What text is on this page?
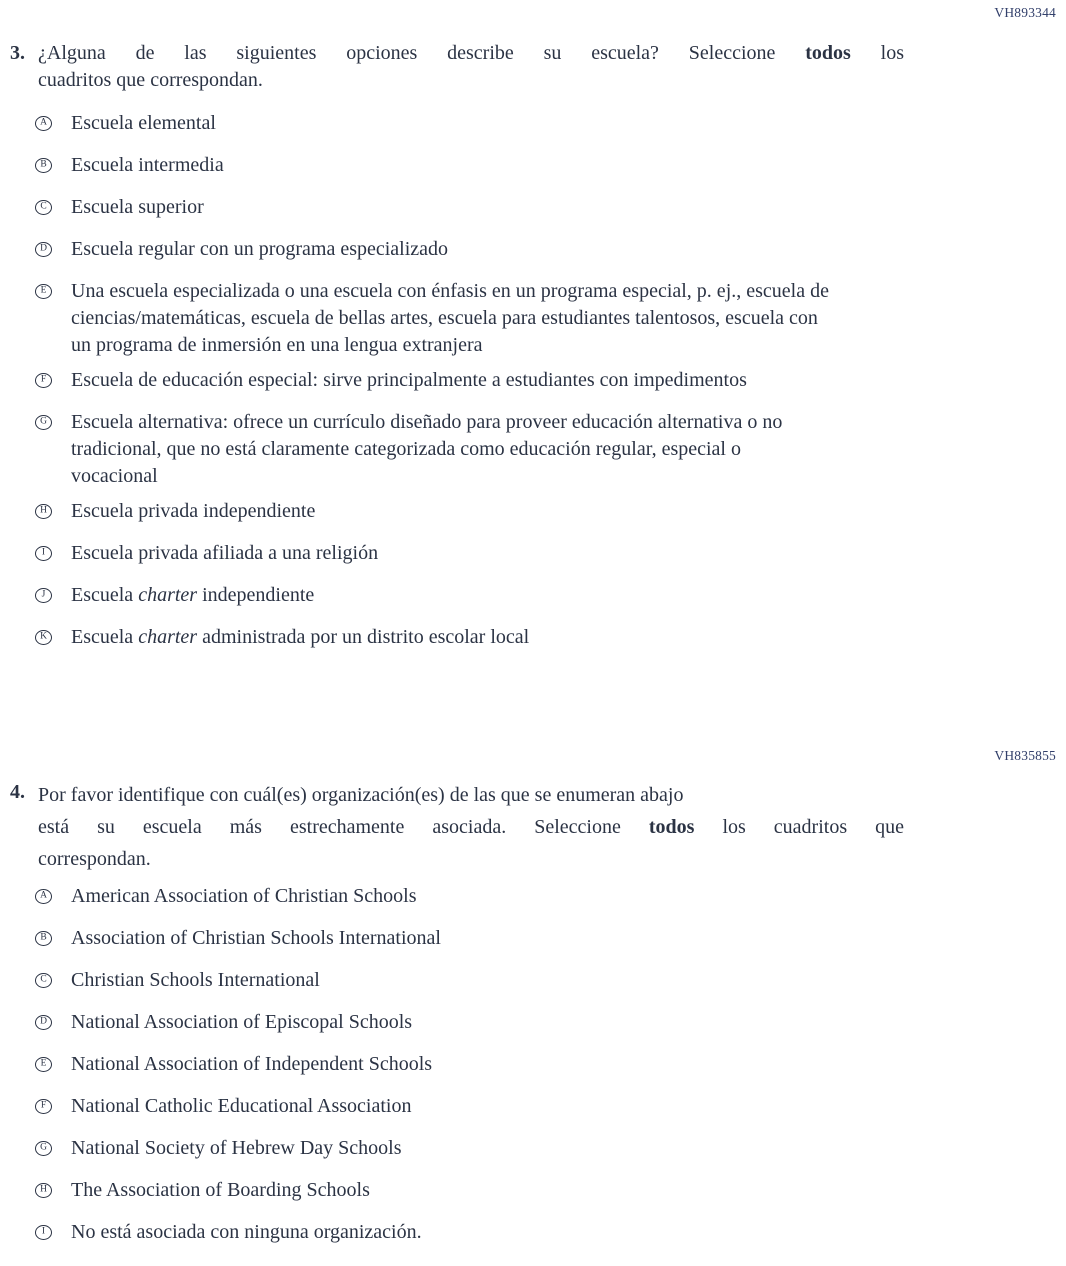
VH893344
3. ¿Alguna de las siguientes opciones describe su escuela? Seleccione todos los
cuadritos que correspondan.
A Escuela elemental
B Escuela intermedia
C Escuela superior
D Escuela regular con un programa especializado
E Una escuela especializada o una escuela con énfasis en un programa especial, p. ej., escuela de
ciencias/matemáticas, escuela de bellas artes, escuela para estudiantes talentosos, escuela con
un programa de inmersión en una lengua extranjera
F Escuela de educación especial: sirve principalmente a estudiantes con impedimentos
G Escuela alternativa: ofrece un currículo diseñado para proveer educación alternativa o no
tradicional, que no está claramente categorizada como educación regular, especial o
vocacional
H Escuela privada independiente
I Escuela privada afiliada a una religión
J Escuela charter independiente
K Escuela charter administrada por un distrito escolar local
VH835855
4. Por favor identifique con cuál(es) organización(es) de las que se enumeran abajo
está su escuela más estrechamente asociada. Seleccione todos los cuadritos que
correspondan.
A American Association of Christian Schools
B Association of Christian Schools International
C Christian Schools International
D National Association of Episcopal Schools
E National Association of Independent Schools
F National Catholic Educational Association
G National Society of Hebrew Day Schools
H The Association of Boarding Schools
I No está asociada con ninguna organización.
